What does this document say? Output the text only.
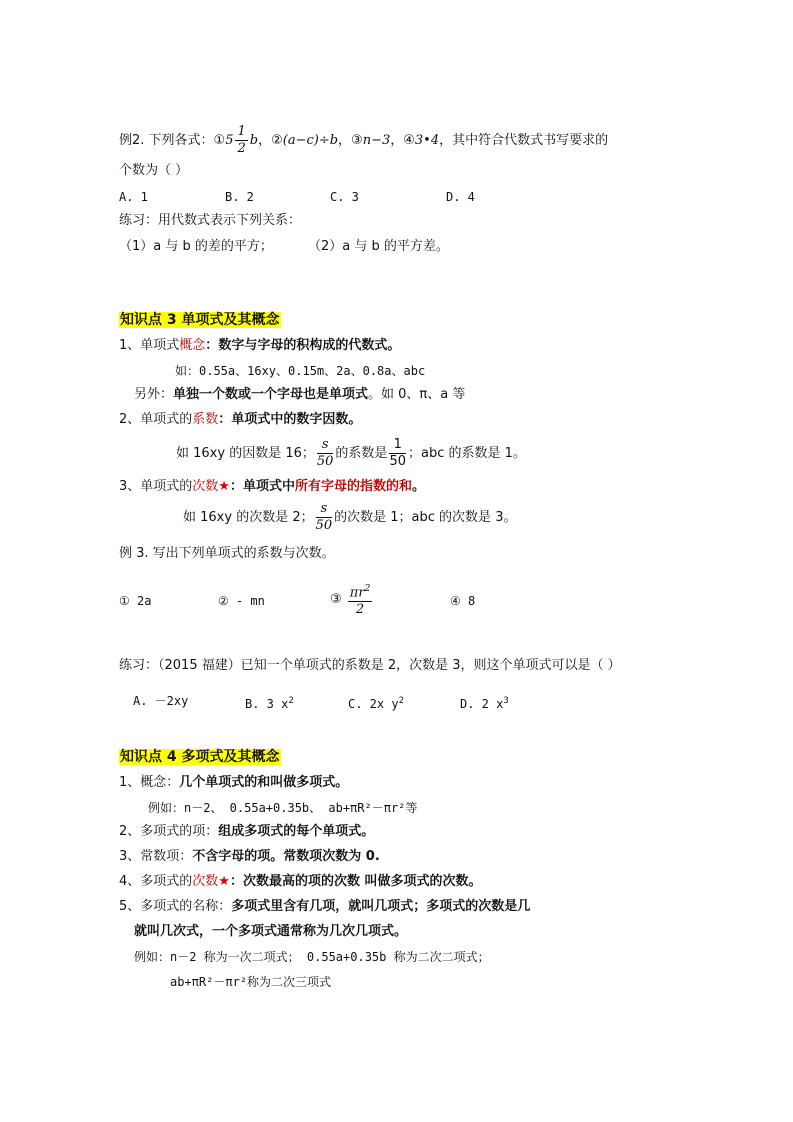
例2. 下列各式：①5 $\frac{1}{2}$ b，②(a−c)÷b，③n−3，④3•4，其中符合代数式书写要求的
个数为（ ）
A. 1	B. 2	C. 3	D. 4
练习：用代数式表示下列关系：
（1）a 与 b 的差的平方；	（2）a 与 b 的平方差。
知识点 3 单项式及其概念
1、单项式概念：数字与字母的积构成的代数式。
如：0.55a、16xy、0.15m、2a、0.8a、abc
另外：单独一个数或一个字母也是单项式。如 0、π、a 等
2、单项式的系数：单项式中的数字因数。
如 16xy 的因数是 16； $\frac{s}{50}$ 的系数是 $\frac{1}{50}$ ；abc 的系数是 1。
3、单项式的次数★：单项式中所有字母的指数的和。
如 16xy 的次数是 2； $\frac{s}{50}$ 的次数是 1；abc 的次数是 3。
例 3. 写出下列单项式的系数与次数。
① 2a	② - mn	③ $\frac{\pi r^2}{2}$	④ 8
练习：（2015 福建）已知一个单项式的系数是 2，次数是 3，则这个单项式可以是（ ）
A. －2xy	B. 3 $x^2$	C. 2x $y^2$	D. 2 $x^3$
知识点 4 多项式及其概念
1、概念：几个单项式的和叫做多项式。
例如：n－2、 0.55a+0.35b、 ab+πR²－πr²等
2、多项式的项：组成多项式的每个单项式。
3、常数项：不含字母的项。常数项次数为 0.
4、多项式的次数★：次数最高的项的次数 叫做多项式的次数。
5、多项式的名称：多项式里含有几项，就叫几项式；多项式的次数是几
就叫几次式，一个多项式通常称为几次几项式。
例如：n－2 称为一次二项式； 0.55a+0.35b 称为二次二项式；
ab+πR²－πr²称为二次三项式
